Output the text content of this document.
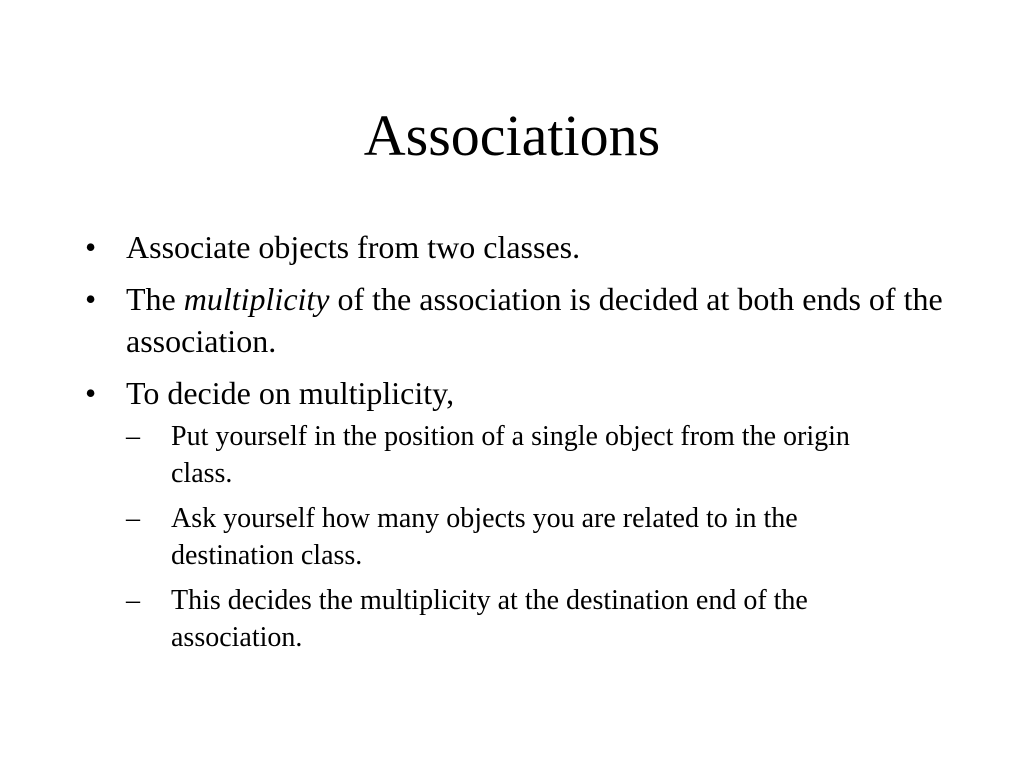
Associations
• Associate objects from two classes.
• The multiplicity of the association is decided at both ends of the association.
• To decide on multiplicity,
– Put yourself in the position of a single object from the origin class.
– Ask yourself how many objects you are related to in the destination class.
– This decides the multiplicity at the destination end of the association.
